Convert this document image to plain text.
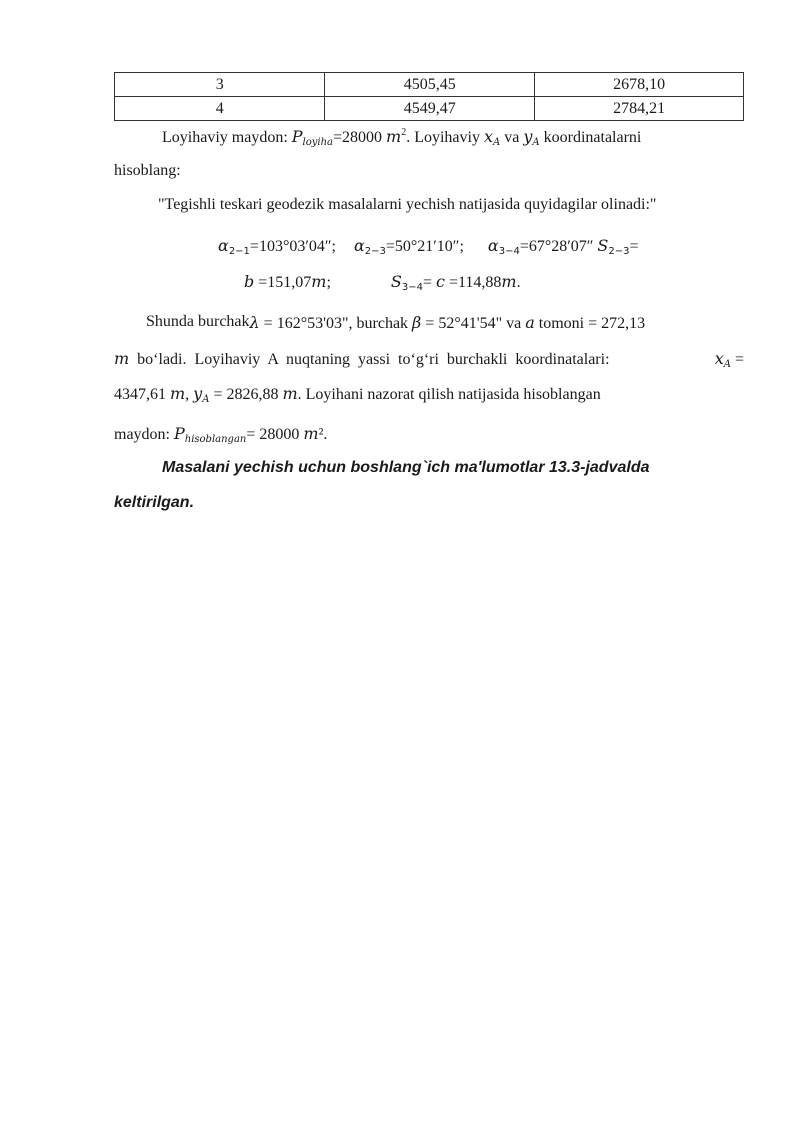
3	4505,45	2678,10
4	4549,47	2784,21
Loyihaviy maydon: $P_{loyiha}=28000$ $m^2$. Loyihaviy $x_A$ va $y_A$ koordinatalarni
hisoblang:
"Tegishli teskari geodezik masalalarni yechish natijasida quyidagilar olinadi:"
α2−1=103°03′04″; α2−3=50°21′10″; α3−4=67°28′07″ S2−3=
b =151,07m;	S3−4= c =114,88m.
Shunda burchak λ = 162°53'03", burchak β = 52°41'54" va a tomoni = 272,13
m bo‘ladi. Loyihaviy A nuqtaning yassi to‘g‘ri burchakli koordinatalari:	$x_A$ =
4347,61 m, $y_A = 2826,88$ m. Loyihani nazorat qilish natijasida hisoblangan
maydon: $P_{hisoblangan}= 28000$ m².
Masalani yechish uchun boshlang`ich ma'lumotlar 13.3-jadvalda
keltirilgan.
